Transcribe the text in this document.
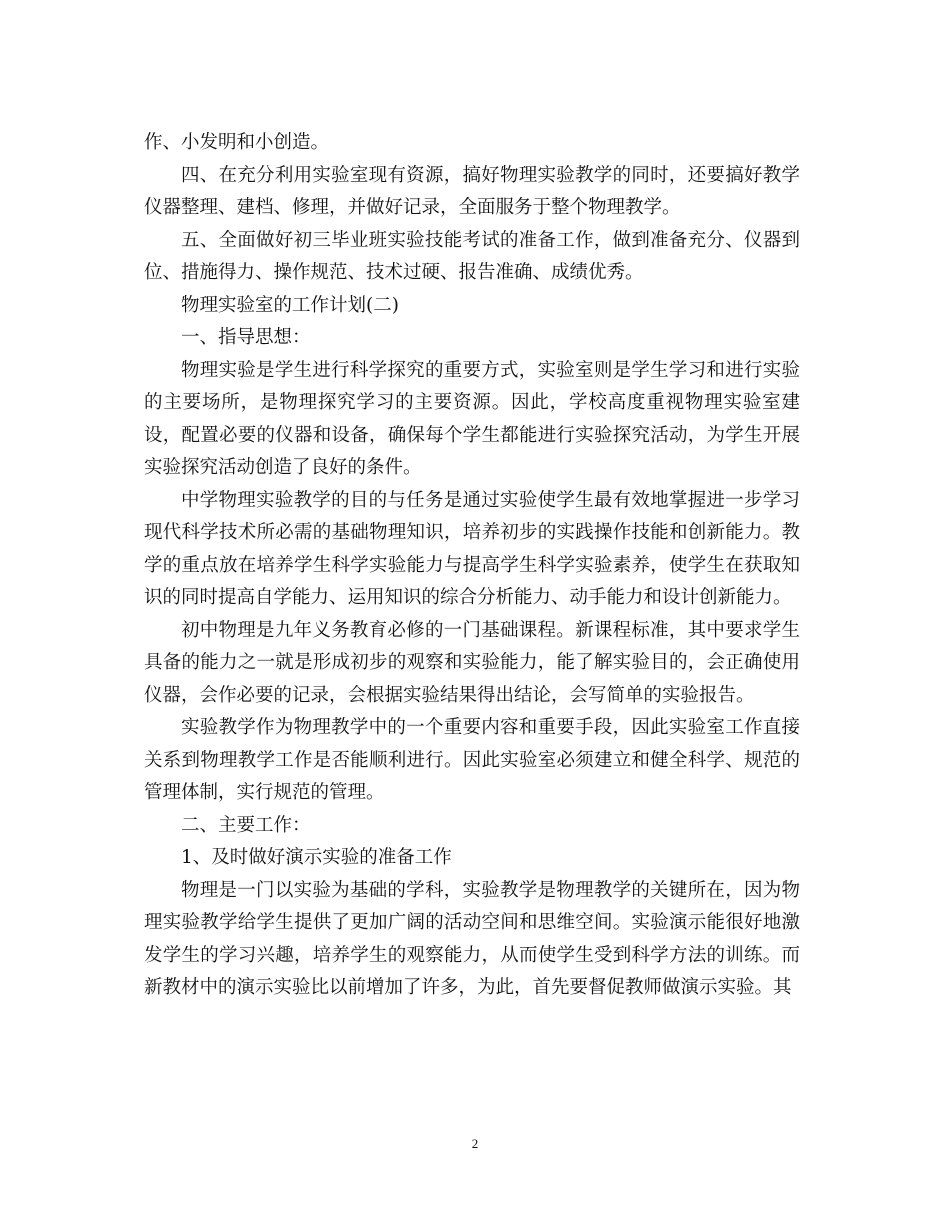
作、小发明和小创造。

四、在充分利用实验室现有资源，搞好物理实验教学的同时，还要搞好教学仪器整理、建档、修理，并做好记录，全面服务于整个物理教学。

五、全面做好初三毕业班实验技能考试的准备工作，做到准备充分、仪器到位、措施得力、操作规范、技术过硬、报告准确、成绩优秀。

物理实验室的工作计划(二)

一、指导思想：

物理实验是学生进行科学探究的重要方式，实验室则是学生学习和进行实验的主要场所，是物理探究学习的主要资源。因此，学校高度重视物理实验室建设，配置必要的仪器和设备，确保每个学生都能进行实验探究活动，为学生开展实验探究活动创造了良好的条件。

中学物理实验教学的目的与任务是通过实验使学生最有效地掌握进一步学习现代科学技术所必需的基础物理知识，培养初步的实践操作技能和创新能力。教学的重点放在培养学生科学实验能力与提高学生科学实验素养，使学生在获取知识的同时提高自学能力、运用知识的综合分析能力、动手能力和设计创新能力。

初中物理是九年义务教育必修的一门基础课程。新课程标准，其中要求学生具备的能力之一就是形成初步的观察和实验能力，能了解实验目的，会正确使用仪器，会作必要的记录，会根据实验结果得出结论，会写简单的实验报告。

实验教学作为物理教学中的一个重要内容和重要手段，因此实验室工作直接关系到物理教学工作是否能顺利进行。因此实验室必须建立和健全科学、规范的管理体制，实行规范的管理。

二、主要工作：

1、及时做好演示实验的准备工作

物理是一门以实验为基础的学科，实验教学是物理教学的关键所在，因为物理实验教学给学生提供了更加广阔的活动空间和思维空间。实验演示能很好地激发学生的学习兴趣，培养学生的观察能力，从而使学生受到科学方法的训练。而新教材中的演示实验比以前增加了许多，为此，首先要督促教师做演示实验。其

2
